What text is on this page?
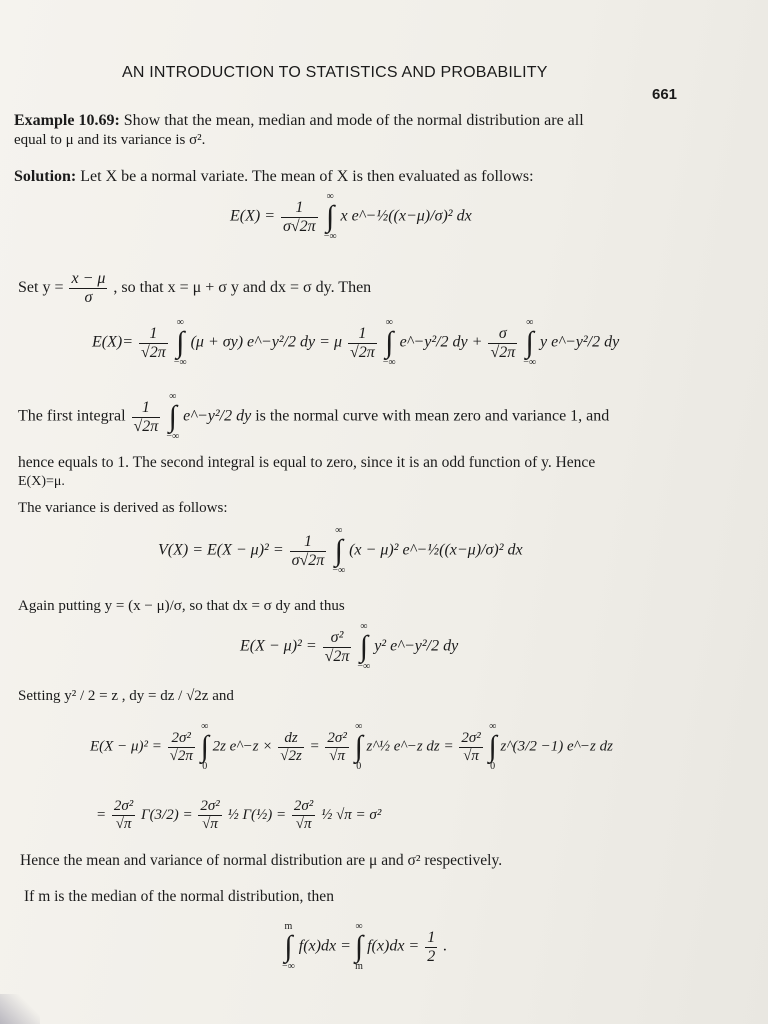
AN INTRODUCTION TO STATISTICS AND PROBABILITY
661
Example 10.69: Show that the mean, median and mode of the normal distribution are all
equal to μ and its variance is σ².
Solution: Let X be a normal variate. The mean of X is then evaluated as follows:
$E(X) = \frac{1}{\sigma√2\pi}$

∞
∫
−∞
x e^−½((x−μ)/σ)² dx
Set $y = \frac{x - \mu}{\sigma}$ , so that x = μ + σ y and dx = σ dy. Then
$E(X)= \frac{1}{√2\pi}$

∞
∫
−∞
(μ + σy) e^−y²/2 dy = μ $\frac{1}{√2\pi}$

∞
∫
−∞
e^−y²/2 dy + $\frac{\sigma}{√2\pi}$

∞
∫
−∞
y e^−y²/2 dy
The first integral $\frac{1}{√2\pi}$

∞
∫
−∞
e^−y²/2 dy is the normal curve with mean zero and variance 1, and
hence equals to 1. The second integral is equal to zero, since it is an odd function of y. Hence
E(X)=μ.
The variance is derived as follows:
$V(X) = E(X - \mu)^2 = \frac{1}{\sigma√2\pi}$

∞
∫
−∞
(x − μ)² e^−½((x−μ)/σ)² dx
Again putting y = (x − μ)/σ, so that dx = σ dy and thus
$E(X - \mu)^2 = \frac{\text{σ²}}{√2\pi}$

∞
∫
−∞
y² e^−y²/2 dy
Setting y² / 2 = z , dy = dz / √2z and
$E(X - \mu)^2 = \frac{\text{2σ²}}{√2\pi}$

∞
∫
0
2z e^−z × $\frac{dz}{√2z} = \frac{\text{2σ²}}{√\pi}$

∞
∫
0
z^½ e^−z dz = $\frac{\text{2σ²}}{√\pi}$

∞
∫
0
z^(3/2 −1) e^−z dz
= $\frac{\text{2σ²}}{√\pi} \Gamma(3/2) = \frac{\text{2σ²}}{√\pi}$ ½ Γ(½) = $\frac{\text{2σ²}}{√\pi}$ ½ √π = σ²
Hence the mean and variance of normal distribution are μ and σ² respectively.
If m is the median of the normal distribution, then
m
∫
−∞
f(x)dx =
∞
∫
m
$f(x)dx = \frac{1}{2}$ .
